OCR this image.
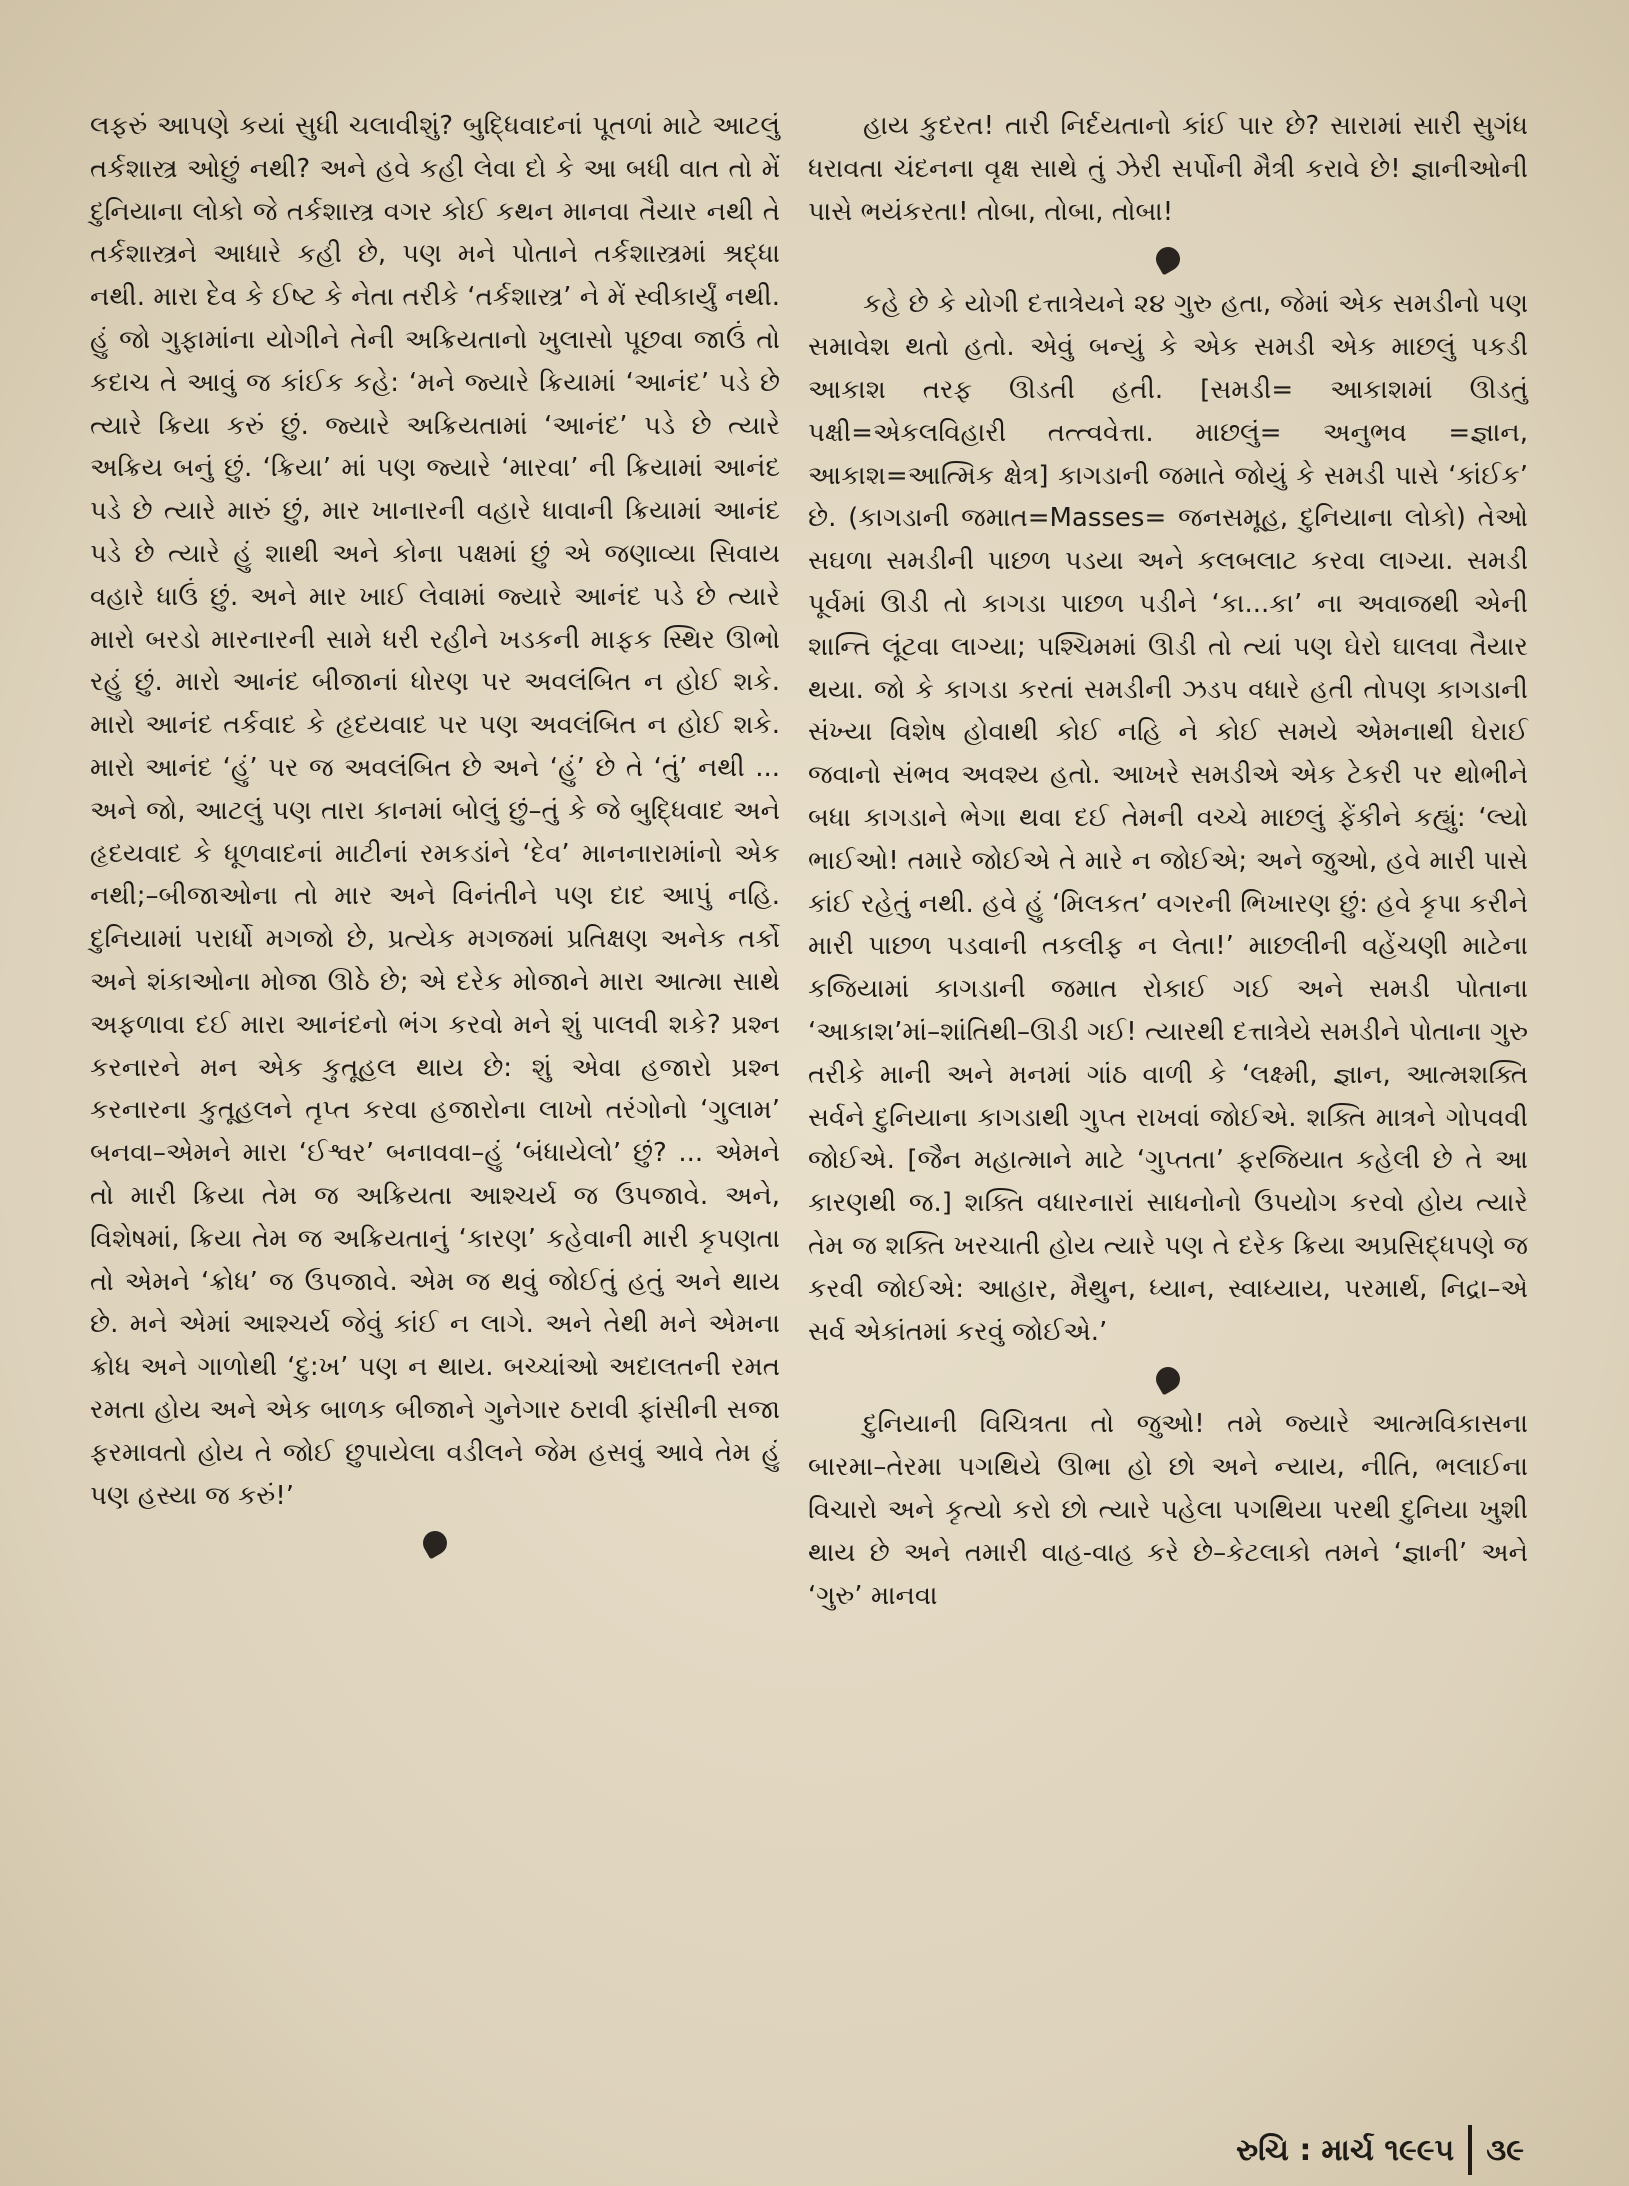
લફરું આપણે કયાં સુધી ચલાવીશું? બુદ્ધિવાદનાં પૂતળાં માટે આટલું તર્કશાસ્ત્ર ઓછું નથી? અને હવે કહી લેવા દો કે આ બધી વાત તો મેં દુનિયાના લોકો જે તર્કશાસ્ત્ર વગર કોઈ કથન માનવા તૈયાર નથી તે તર્કશાસ્ત્રને આધારે કહી છે, પણ મને પોતાને તર્કશાસ્ત્રમાં શ્રદ્ધા નથી. મારા દેવ કે ઈષ્ટ કે નેતા તરીકે ‘તર્કશાસ્ત્ર’ ને મેં સ્વીકાર્યું નથી. હું જો ગુફામાંના યોગીને તેની અક્રિયતાનો ખુલાસો પૂછવા જાઉં તો કદાચ તે આવું જ કાંઈક કહે: ‘મને જ્યારે ક્રિયામાં ‘આનંદ’ પડે છે ત્યારે ક્રિયા કરું છું. જ્યારે અક્રિયતામાં ‘આનંદ’ પડે છે ત્યારે અક્રિય બનું છું. ‘ક્રિયા’ માં પણ જ્યારે ‘મારવા’ ની ક્રિયામાં આનંદ પડે છે ત્યારે મારું છું, માર ખાનારની વહારે ધાવાની ક્રિયામાં આનંદ પડે છે ત્યારે હું શાથી અને કોના પક્ષમાં છું એ જણાવ્યા સિવાય વહારે ધાઉં છું. અને માર ખાઈ લેવામાં જ્યારે આનંદ પડે છે ત્યારે મારો બરડો મારનારની સામે ધરી રહીને ખડકની માફક સ્થિર ઊભો રહું છું. મારો આનંદ બીજાનાં ધોરણ પર અવલંબિત ન હોઈ શકે. મારો આનંદ તર્કવાદ કે હૃદયવાદ પર પણ અવલંબિત ન હોઈ શકે. મારો આનંદ ‘હું’ પર જ અવલંબિત છે અને ‘હું’ છે તે ‘તું’ નથી ... અને જો, આટલું પણ તારા કાનમાં બોલું છું–તું કે જે બુદ્ધિવાદ અને હૃદયવાદ કે ધૂળવાદનાં માટીનાં રમકડાંને ‘દેવ’ માનનારામાંનો એક નથી;–બીજાઓના તો માર અને વિનંતીને પણ દાદ આપું નહિ. દુનિયામાં પરાર્ધો મગજો છે, પ્રત્યેક મગજમાં પ્રતિક્ષણ અનેક તર્કો અને શંકાઓના મોજા ઊઠે છે; એ દરેક મોજાને મારા આત્મા સાથે અફળાવા દઈ મારા આનંદનો ભંગ કરવો મને શું પાલવી શકે? પ્રશ્ન કરનારને મન એક કુતૂહલ થાય છે: શું એવા હજારો પ્રશ્ન કરનારના કુતૂહલને તૃપ્ત કરવા હજારોના લાખો તરંગોનો ‘ગુલામ’ બનવા–એમને મારા ‘ઈશ્વર’ બનાવવા–હું ‘બંધાયેલો’ છું? ... એમને તો મારી ક્રિયા તેમ જ અક્રિયતા આશ્ચર્ય જ ઉપજાવે. અને, વિશેષમાં, ક્રિયા તેમ જ અક્રિયતાનું ‘કારણ’ કહેવાની મારી કૃપણતા તો એમને ‘ક્રોધ’ જ ઉપજાવે. એમ જ થવું જોઈતું હતું અને થાય છે. મને એમાં આશ્ચર્ય જેવું કાંઈ ન લાગે. અને તેથી મને એમના ક્રોધ અને ગાળોથી ‘દુ:ખ’ પણ ન થાય. બચ્ચાંઓ અદાલતની રમત રમતા હોય અને એક બાળક બીજાને ગુનેગાર ઠરાવી ફાંસીની સજા ફરમાવતો હોય તે જોઈ છુપાયેલા વડીલને જેમ હસવું આવે તેમ હું પણ હસ્યા જ કરું!’

હાય કુદરત! તારી નિર્દયતાનો કાંઈ પાર છે? સારામાં સારી સુગંધ ધરાવતા ચંદનના વૃક્ષ સાથે તું ઝેરી સર્પોની મૈત્રી કરાવે છે! જ્ઞાનીઓની પાસે ભયંકરતા! તોબા, તોબા, તોબા!

કહે છે કે યોગી દત્તાત્રેયને ૨૪ ગુરુ હતા, જેમાં એક સમડીનો પણ સમાવેશ થતો હતો. એવું બન્યું કે એક સમડી એક માછલું પકડી આકાશ તરફ ઊડતી હતી. [સમડી= આકાશમાં ઊડતું પક્ષી=એકલવિહારી તત્ત્વવેત્તા. માછલું= અનુભવ =જ્ઞાન, આકાશ=આત્મિક ક્ષેત્ર] કાગડાની જમાતે જોયું કે સમડી પાસે ‘કાંઈક’ છે. (કાગડાની જમાત=Masses= જનસમૂહ, દુનિયાના લોકો) તેઓ સઘળા સમડીની પાછળ પડયા અને કલબલાટ કરવા લાગ્યા. સમડી પૂર્વમાં ઊડી તો કાગડા પાછળ પડીને ‘કા...કા’ ના અવાજથી એની શાન્તિ લૂંટવા લાગ્યા; પશ્ચિમમાં ઊડી તો ત્યાં પણ ઘેરો ઘાલવા તૈયાર થયા. જો કે કાગડા કરતાં સમડીની ઝડપ વધારે હતી તોપણ કાગડાની સંખ્યા વિશેષ હોવાથી કોઈ નહિ ને કોઈ સમયે એમનાથી ઘેરાઈ જવાનો સંભવ અવશ્ય હતો. આખરે સમડીએ એક ટેકરી પર થોભીને બધા કાગડાને ભેગા થવા દઈ તેમની વચ્ચે માછલું ફેંકીને કહ્યું: ‘લ્યો ભાઈઓ! તમારે જોઈએ તે મારે ન જોઈએ; અને જુઓ, હવે મારી પાસે કાંઈ રહેતું નથી. હવે હું ‘મિલકત’ વગરની ભિખારણ છું: હવે કૃપા કરીને મારી પાછળ પડવાની તકલીફ ન લેતા!’ માછલીની વહેંચણી માટેના કજિયામાં કાગડાની જમાત રોકાઈ ગઈ અને સમડી પોતાના ‘આકાશ’માં–શાંતિથી–ઊડી ગઈ! ત્યારથી દત્તાત્રેયે સમડીને પોતાના ગુરુ તરીકે માની અને મનમાં ગાંઠ વાળી કે ‘લક્ષ્મી, જ્ઞાન, આત્મશક્તિ સર્વને દુનિયાના કાગડાથી ગુપ્ત રાખવાં જોઈએ. શક્તિ માત્રને ગોપવવી જોઈએ. [જૈન મહાત્માને માટે ‘ગુપ્તતા’ ફરજિયાત કહેલી છે તે આ કારણથી જ.] શક્તિ વધારનારાં સાધનોનો ઉપયોગ કરવો હોય ત્યારે તેમ જ શક્તિ ખરચાતી હોય ત્યારે પણ તે દરેક ક્રિયા અપ્રસિદ્ધપણે જ કરવી જોઈએ: આહાર, મૈથુન, ધ્યાન, સ્વાધ્યાય, પરમાર્થ, નિદ્રા–એ સર્વ એકાંતમાં કરવું જોઈએ.’

દુનિયાની વિચિત્રતા તો જુઓ! તમે જ્યારે આત્મવિકાસના બારમા–તેરમા પગથિયે ઊભા હો છો અને ન્યાય, નીતિ, ભલાઈના વિચારો અને કૃત્યો કરો છો ત્યારે પહેલા પગથિયા પરથી દુનિયા ખુશી થાય છે અને તમારી વાહ-વાહ કરે છે–કેટલાકો તમને ‘જ્ઞાની’ અને ‘ગુરુ’ માનવા

રુચિ : માર્ચ ૧૯૯૫ ૩૯
